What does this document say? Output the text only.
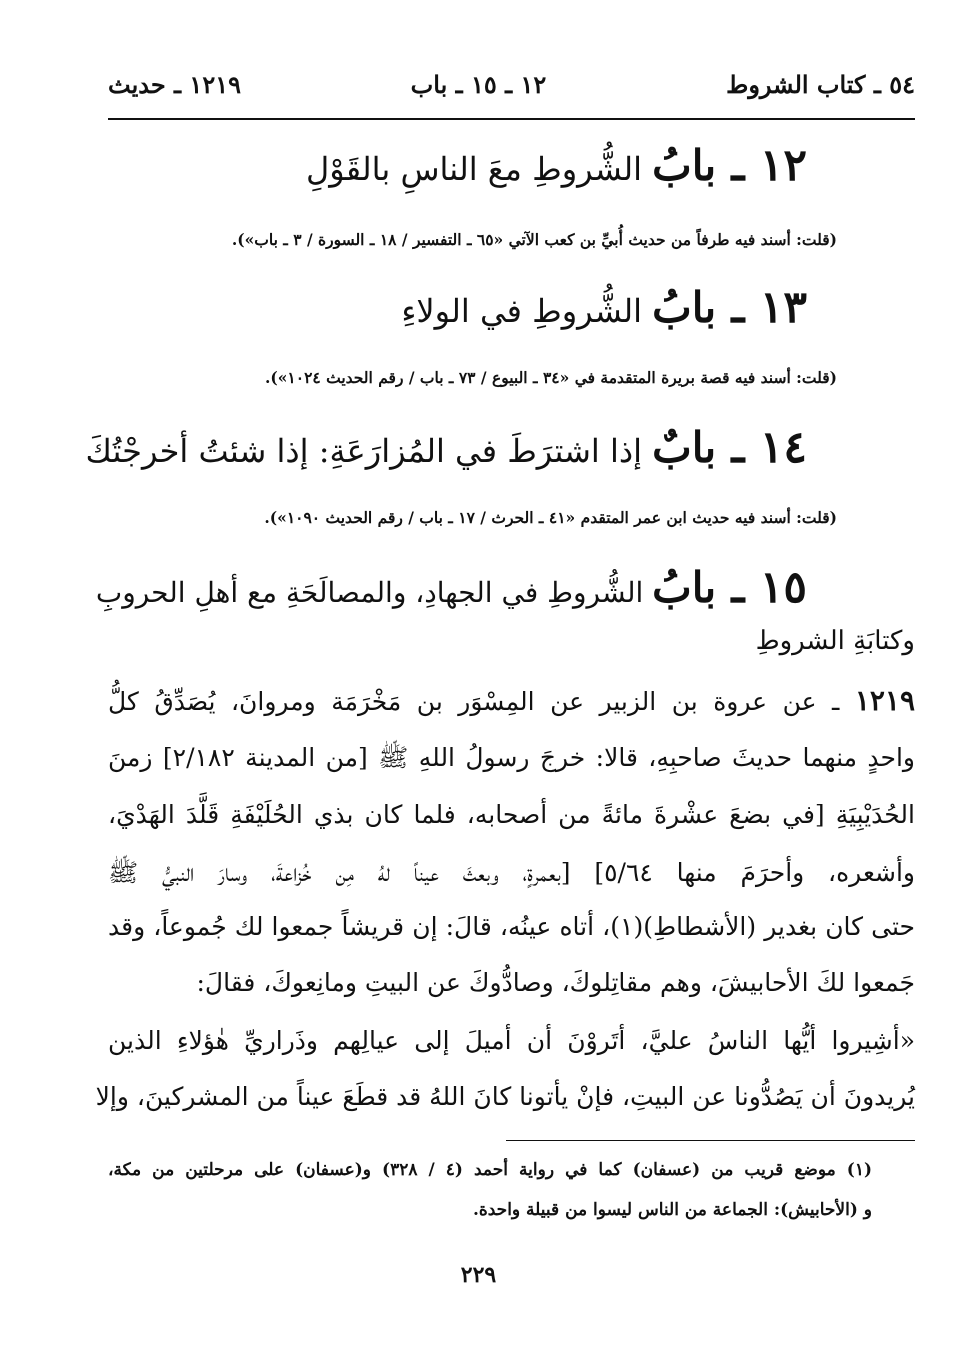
٥٤ ـ كتاب الشروط
١٢ ـ ١٥ ـ باب
١٢١٩ ـ حديث
١٢ ـ بابُ الشُّروطِ معَ الناسِ بالقَوْلِ
(قلت: أسند فيه طرفاً من حديث أُبيِّ بن كعب الآتي «٦٥ ـ التفسير / ١٨ ـ السورة / ٣ ـ باب»).
١٣ ـ بابُ الشُّروطِ في الولاءِ
(قلت: أسند فيه قصة بريرة المتقدمة في «٣٤ ـ البيوع / ٧٣ ـ باب / رقم الحديث ١٠٢٤»).
١٤ ـ بابٌ إذا اشترَطَ في المُزارَعَةِ: إذا شئتُ أخرجْتُكَ
(قلت: أسند فيه حديث ابن عمر المتقدم «٤١ ـ الحرث / ١٧ ـ باب / رقم الحديث ١٠٩٠»).
١٥ ـ بابُ الشُّروطِ في الجهادِ، والمصالَحَةِ مع أهلِ الحروبِ
وكتابَةِ الشروطِ
١٢١٩ ـ عن عروة بن الزبير عن المِسْوَر بن مَخْرَمَة ومروانَ، يُصَدِّقُ كلُّ
واحدٍ منهما حديثَ صاحبِهِ، قالا: خرجَ رسولُ اللهِ ﷺ [من المدينة ٢/١٨٢] زمنَ
الحُدَيْبِيَةِ [في بضعَ عشْرةَ مائةً من أصحابه، فلما كان بذي الحُلَيْفَةِ قَلَّدَ الهَدْيَ،
وأشعره، وأحرَمَ منها ٥/٦٤] [بعمرةٍ، وبعثَ عيناً لهُ مِن خُزاعةَ، وسارَ النبيُّ ﷺ
حتى كان بغدير (الأشطاطِ)(١)، أتاه عينُه، قالَ: إن قريشاً جمعوا لك جُموعاً، وقد
جَمعوا لكَ الأحابيشَ، وهم مقاتِلوكَ، وصادُّوكَ عن البيتِ ومانِعوكَ، فقالَ:
«أشِيروا أيُّها الناسُ عليَّ، أتَروْنَ أن أميلَ إلى عيالِهم وذَراريِّ هٰؤلاءِ الذين
يُريدونَ أن يَصُدُّونا عن البيتِ، فإنْ يأتونا كانَ اللهُ قد قطَعَ عيناً من المشركينَ، وإلا
(١) موضع قريب من (عسفان) كما في رواية أحمد (٤ / ٣٢٨) و(عسفان) على مرحلتين من مكة،
و (الأحابيش): الجماعة من الناس ليسوا من قبيلة واحدة.
٢٢٩
